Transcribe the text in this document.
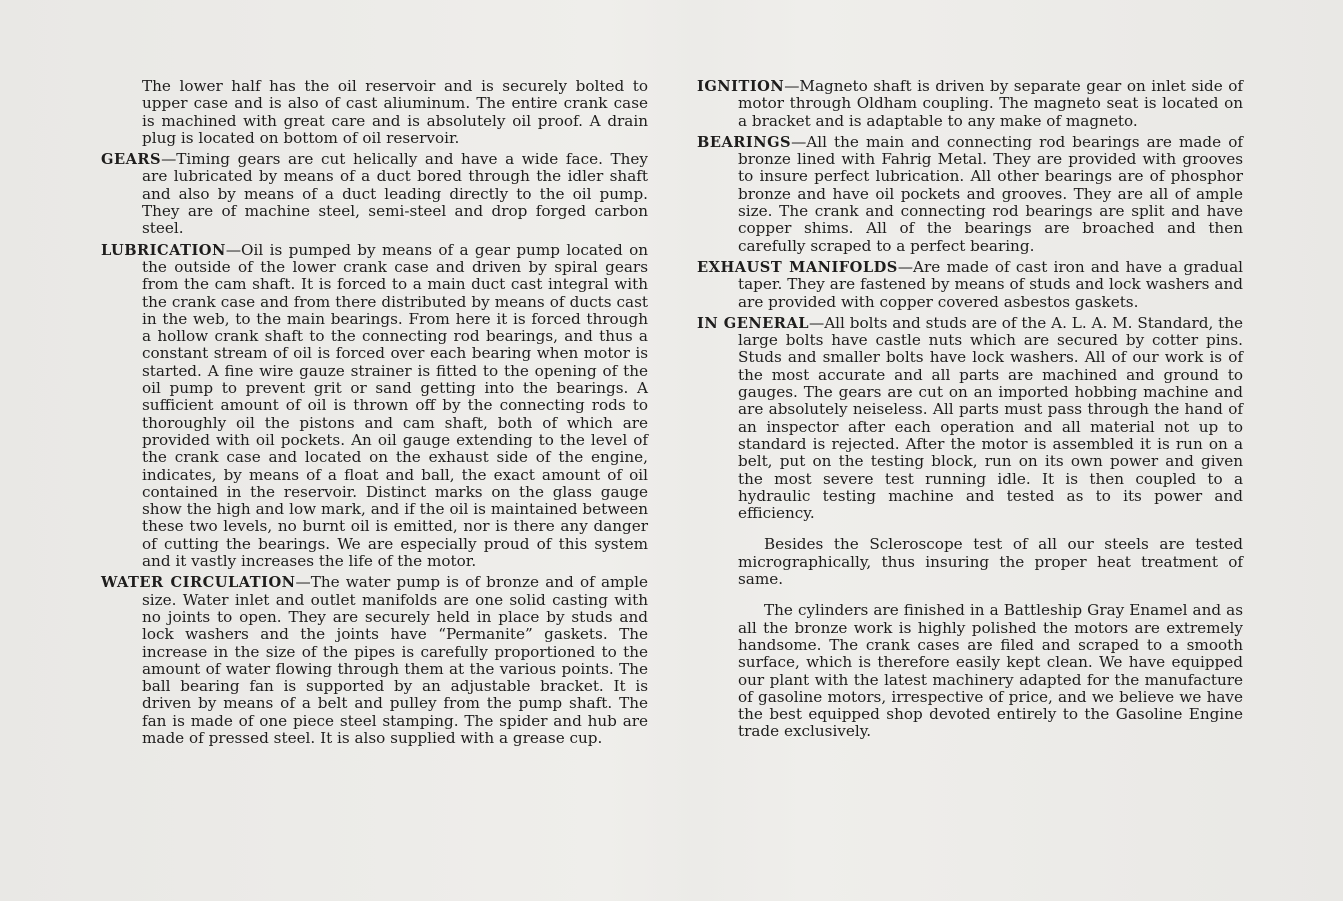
The lower half has the oil reservoir and is securely bolted to upper case and is also of cast aliuminum. The entire crank case is machined with great care and is absolutely oil proof. A drain plug is located on bottom of oil reservoir.

GEARS—Timing gears are cut helically and have a wide face. They are lubricated by means of a duct bored through the idler shaft and also by means of a duct leading directly to the oil pump. They are of machine steel, semi-steel and drop forged carbon steel.

LUBRICATION—Oil is pumped by means of a gear pump located on the outside of the lower crank case and driven by spiral gears from the cam shaft. It is forced to a main duct cast integral with the crank case and from there distributed by means of ducts cast in the web, to the main bearings. From here it is forced through a hollow crank shaft to the connecting rod bearings, and thus a constant stream of oil is forced over each bearing when motor is started. A fine wire gauze strainer is fitted to the opening of the oil pump to prevent grit or sand getting into the bearings. A sufficient amount of oil is thrown off by the connecting rods to thoroughly oil the pistons and cam shaft, both of which are provided with oil pockets. An oil gauge extending to the level of the crank case and located on the exhaust side of the engine, indicates, by means of a float and ball, the exact amount of oil contained in the reservoir. Distinct marks on the glass gauge show the high and low mark, and if the oil is maintained between these two levels, no burnt oil is emitted, nor is there any danger of cutting the bearings. We are especially proud of this system and it vastly increases the life of the motor.

WATER CIRCULATION—The water pump is of bronze and of ample size. Water inlet and outlet manifolds are one solid casting with no joints to open. They are securely held in place by studs and lock washers and the joints have “Permanite” gaskets. The increase in the size of the pipes is carefully proportioned to the amount of water flowing through them at the various points. The ball bearing fan is supported by an adjustable bracket. It is driven by means of a belt and pulley from the pump shaft. The fan is made of one piece steel stamping. The spider and hub are made of pressed steel. It is also supplied with a grease cup.

IGNITION—Magneto shaft is driven by separate gear on inlet side of motor through Oldham coupling. The magneto seat is located on a bracket and is adaptable to any make of magneto.

BEARINGS—All the main and connecting rod bearings are made of bronze lined with Fahrig Metal. They are provided with grooves to insure perfect lubrication. All other bearings are of phosphor bronze and have oil pockets and grooves. They are all of ample size. The crank and connecting rod bearings are split and have copper shims. All of the bearings are broached and then carefully scraped to a perfect bearing.

EXHAUST MANIFOLDS—Are made of cast iron and have a gradual taper. They are fastened by means of studs and lock washers and are provided with copper covered asbestos gaskets.

IN GENERAL—All bolts and studs are of the A. L. A. M. Standard, the large bolts have castle nuts which are secured by cotter pins. Studs and smaller bolts have lock washers. All of our work is of the most accurate and all parts are machined and ground to gauges. The gears are cut on an imported hobbing machine and are absolutely neiseless. All parts must pass through the hand of an inspector after each operation and all material not up to standard is rejected. After the motor is assembled it is run on a belt, put on the testing block, run on its own power and given the most severe test running idle. It is then coupled to a hydraulic testing machine and tested as to its power and efficiency.

Besides the Scleroscope test of all our steels are tested micrographically, thus insuring the proper heat treatment of same.

The cylinders are finished in a Battleship Gray Enamel and as all the bronze work is highly polished the motors are extremely handsome. The crank cases are filed and scraped to a smooth surface, which is therefore easily kept clean. We have equipped our plant with the latest machinery adapted for the manufacture of gasoline motors, irrespective of price, and we believe we have the best equipped shop devoted entirely to the Gasoline Engine trade exclusively.
